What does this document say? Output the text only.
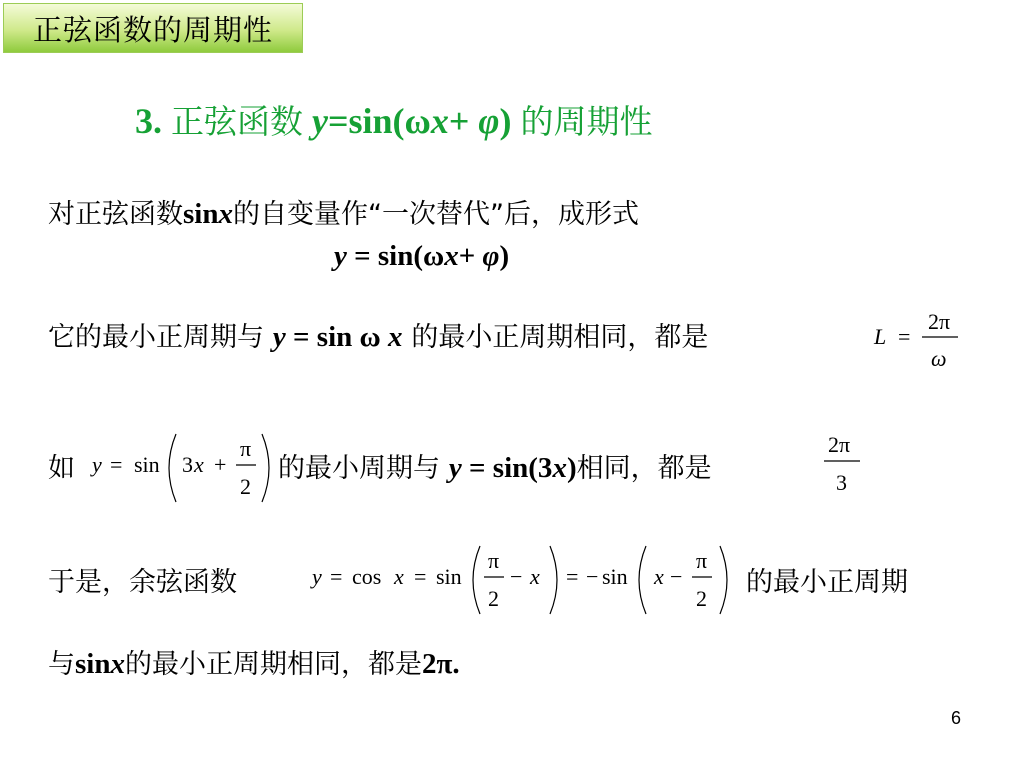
正弦函数的周期性
3. 正弦函数 y=sin(ωx+ φ) 的周期性
对正弦函数sinx的自变量作“一次替代”后，成形式
y = sin(ωx+ φ)
它的最小正周期与 y = sin ω x 的最小正周期相同，都是	L =
2π
ω
如 y = sin 3 x +
π
2
的最小周期与 y = sin(3x)相同，都是
2π
3
于是，余弦函数	y = cos x = sin
π
2
− x = − sin x −
π
2
的最小正周期
与sinx的最小正周期相同，都是2π.
6
